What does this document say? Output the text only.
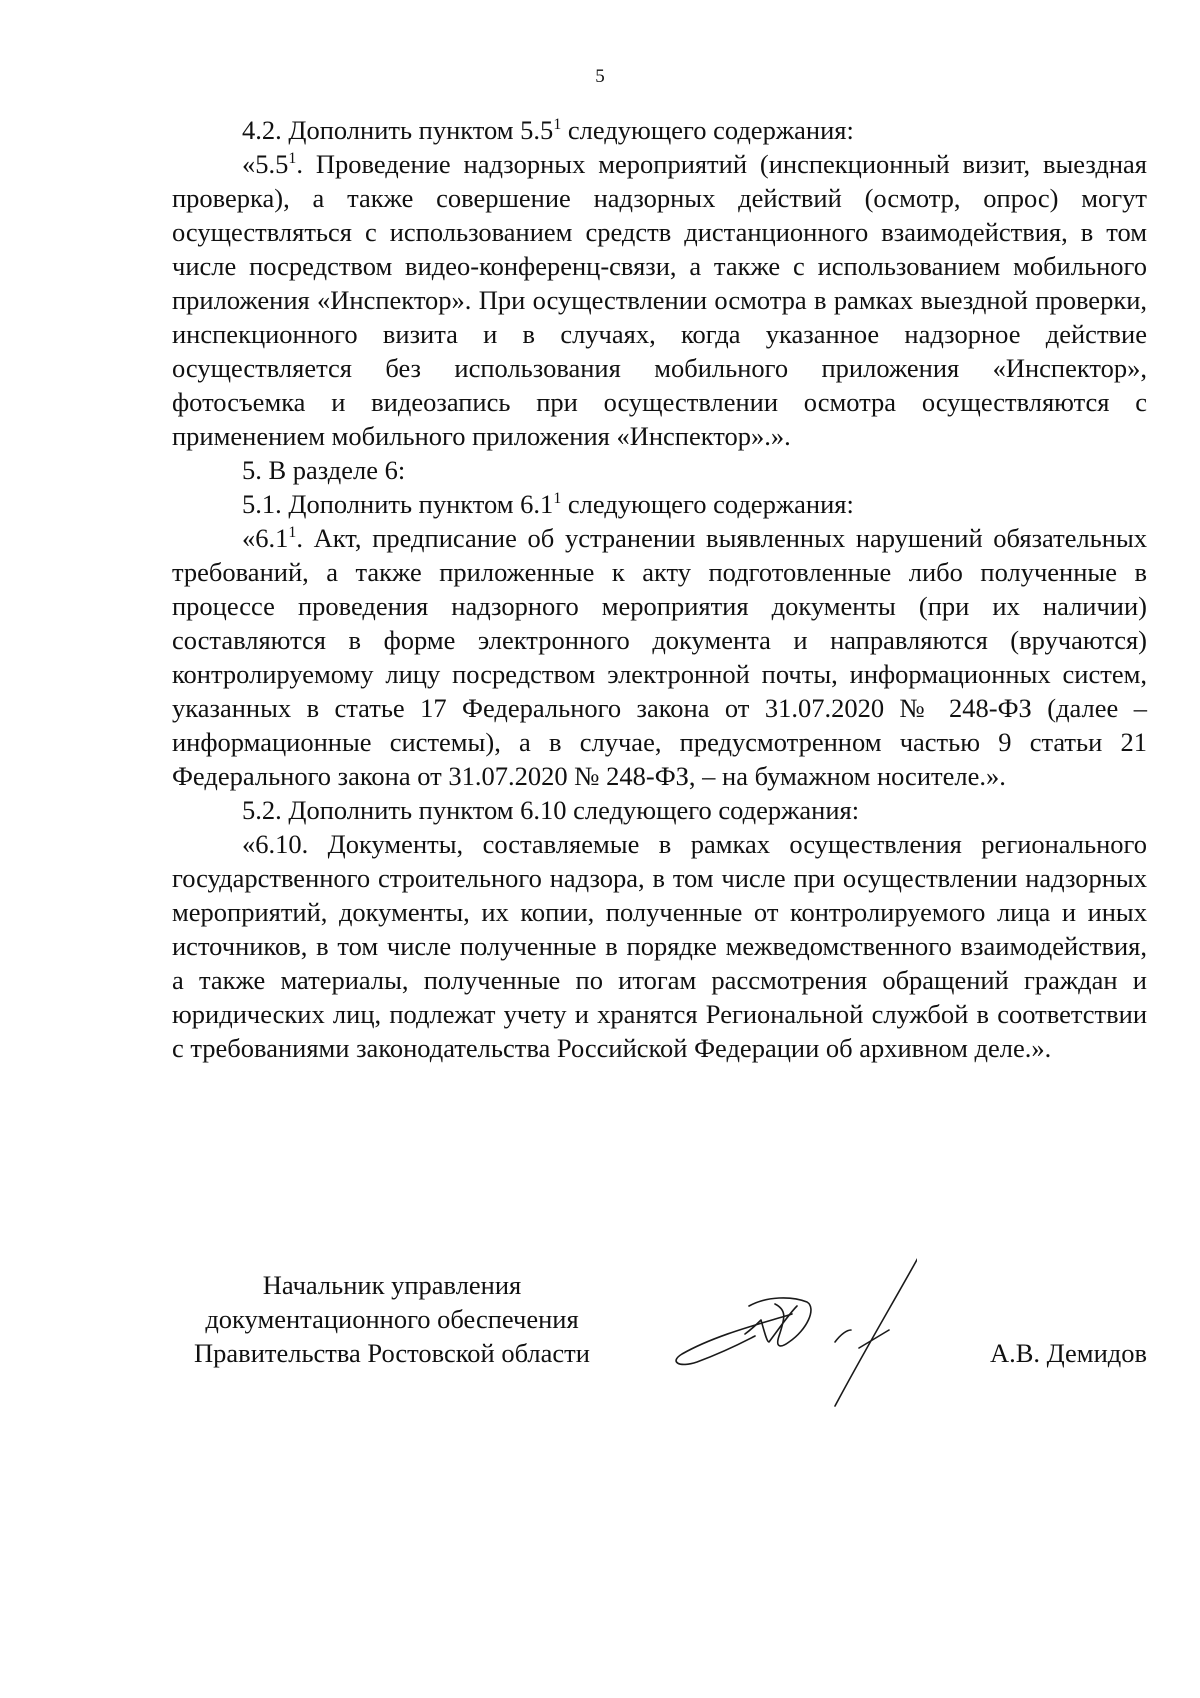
5

4.2. Дополнить пунктом $5.5^1$ следующего содержания:

«$5.5^1$. Проведение надзорных мероприятий (инспекционный визит, выездная проверка), а также совершение надзорных действий (осмотр, опрос) могут осуществляться с использованием средств дистанционного взаимодействия, в том числе посредством видео-конференц-связи, а также с использованием мобильного приложения «Инспектор». При осуществлении осмотра в рамках выездной проверки, инспекционного визита и в случаях, когда указанное надзорное действие осуществляется без использования мобильного приложения «Инспектор», фотосъемка и видеозапись при осуществлении осмотра осуществляются с применением мобильного приложения «Инспектор».».

5. В разделе 6:

5.1. Дополнить пунктом $6.1^1$ следующего содержания:

«$6.1^1$. Акт, предписание об устранении выявленных нарушений обязательных требований, а также приложенные к акту подготовленные либо полученные в процессе проведения надзорного мероприятия документы (при их наличии) составляются в форме электронного документа и направляются (вручаются) контролируемому лицу посредством электронной почты, информационных систем, указанных в статье 17 Федерального закона от 31.07.2020 № 248-ФЗ (далее – информационные системы), а в случае, предусмотренном частью 9 статьи 21 Федерального закона от 31.07.2020 № 248-ФЗ, – на бумажном носителе.».

5.2. Дополнить пунктом 6.10 следующего содержания:

«6.10. Документы, составляемые в рамках осуществления регионального государственного строительного надзора, в том числе при осуществлении надзорных мероприятий, документы, их копии, полученные от контролируемого лица и иных источников, в том числе полученные в порядке межведомственного взаимодействия, а также материалы, полученные по итогам рассмотрения обращений граждан и юридических лиц, подлежат учету и хранятся Региональной службой в соответствии с требованиями законодательства Российской Федерации об архивном деле.».

Начальник управления
документационного обеспечения
Правительства Ростовской области	А.В. Демидов
